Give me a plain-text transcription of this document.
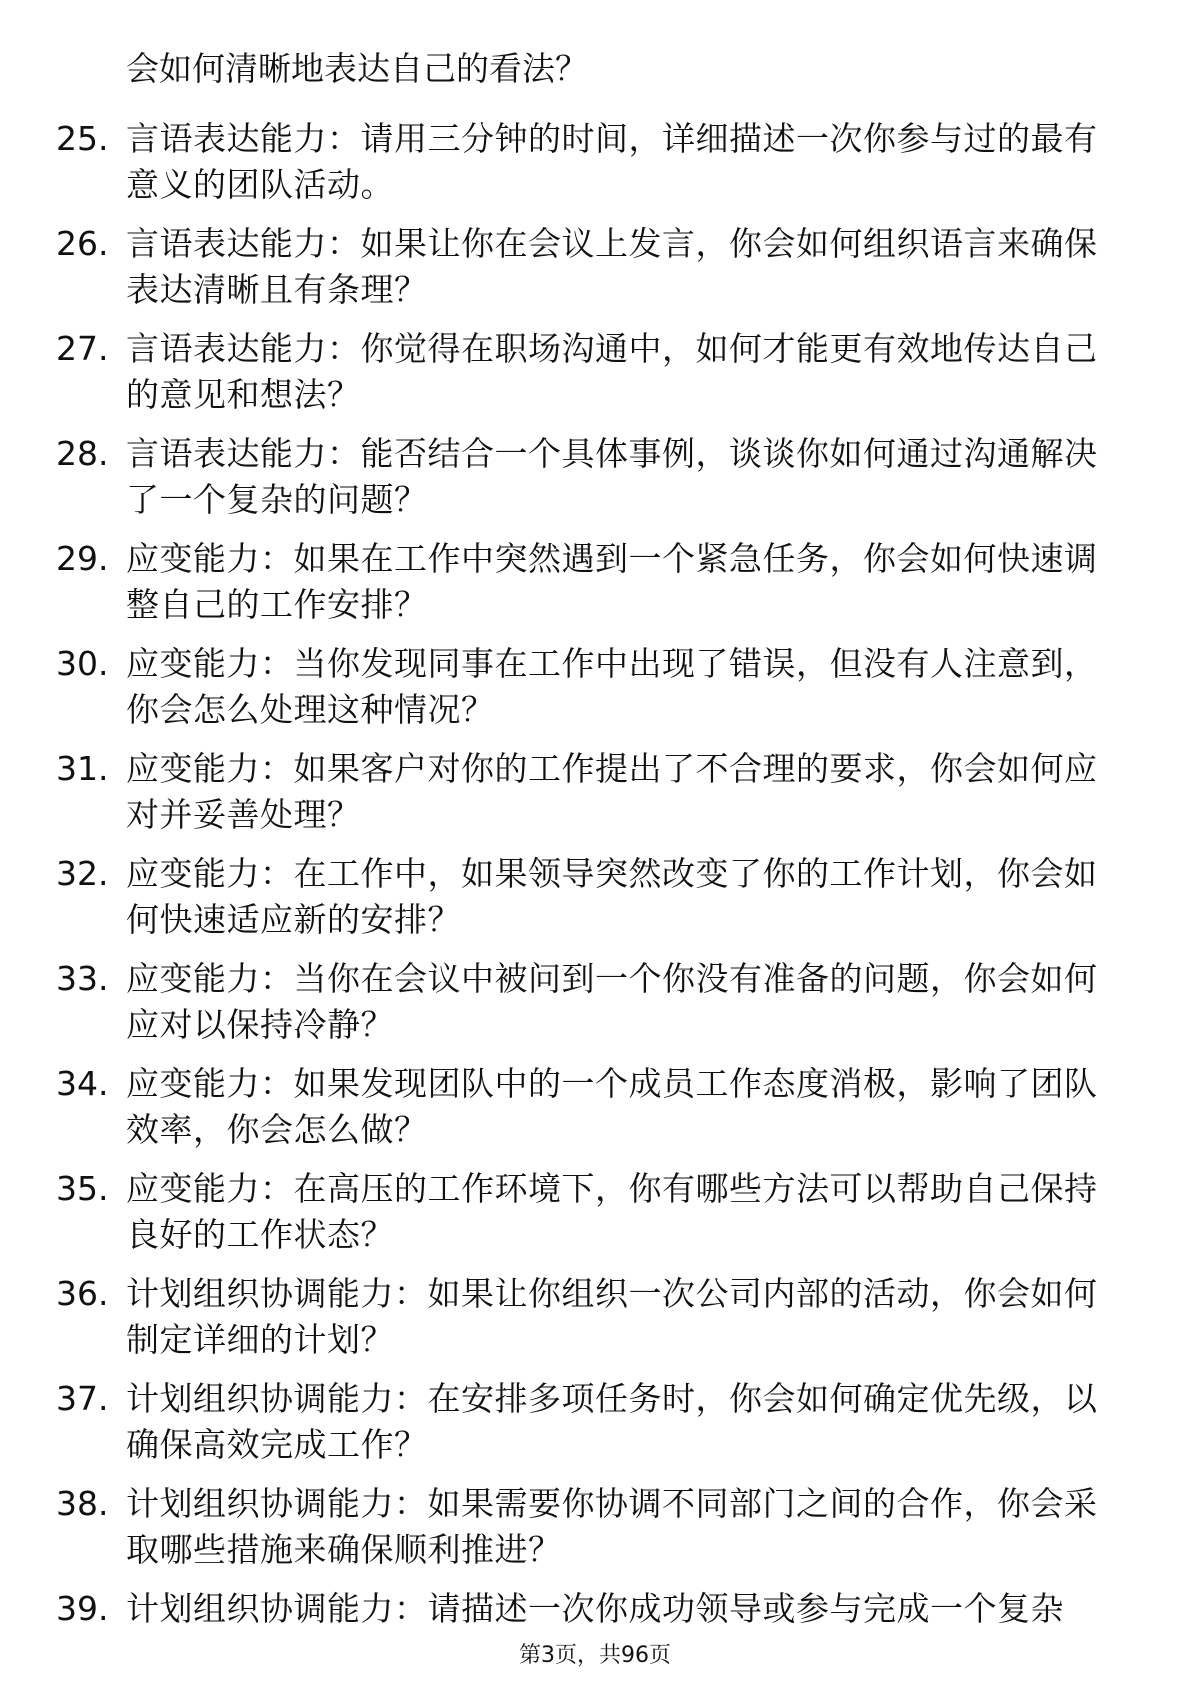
会如何清晰地表达自己的看法？
25. 言语表达能力：请用三分钟的时间，详细描述一次你参与过的最有意义的团队活动。
26. 言语表达能力：如果让你在会议上发言，你会如何组织语言来确保表达清晰且有条理？
27. 言语表达能力：你觉得在职场沟通中，如何才能更有效地传达自己的意见和想法？
28. 言语表达能力：能否结合一个具体事例，谈谈你如何通过沟通解决了一个复杂的问题？
29. 应变能力：如果在工作中突然遇到一个紧急任务，你会如何快速调整自己的工作安排？
30. 应变能力：当你发现同事在工作中出现了错误，但没有人注意到，你会怎么处理这种情况？
31. 应变能力：如果客户对你的工作提出了不合理的要求，你会如何应对并妥善处理？
32. 应变能力：在工作中，如果领导突然改变了你的工作计划，你会如何快速适应新的安排？
33. 应变能力：当你在会议中被问到一个你没有准备的问题，你会如何应对以保持冷静？
34. 应变能力：如果发现团队中的一个成员工作态度消极，影响了团队效率，你会怎么做？
35. 应变能力：在高压的工作环境下，你有哪些方法可以帮助自己保持良好的工作状态？
36. 计划组织协调能力：如果让你组织一次公司内部的活动，你会如何制定详细的计划？
37. 计划组织协调能力：在安排多项任务时，你会如何确定优先级，以确保高效完成工作？
38. 计划组织协调能力：如果需要你协调不同部门之间的合作，你会采取哪些措施来确保顺利推进？
39. 计划组织协调能力：请描述一次你成功领导或参与完成一个复杂
第3页，共96页
